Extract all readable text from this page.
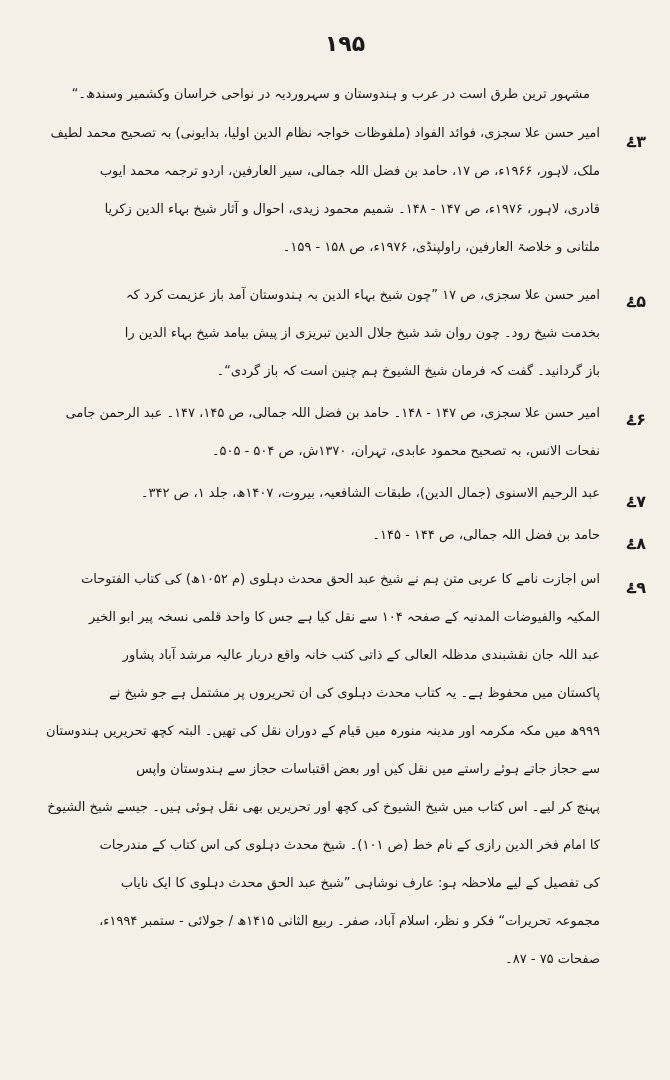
۱۹۵
مشہور ترین طرق است در عرب و ہندوستان و سہروردیہ در نواحی خراسان وکشمیر وسندھ۔“
۳ۓ
امیر حسن علا سجزی، فوائد الفواد (ملفوظات خواجہ نظام الدین اولیا، بدایونی) بہ تصحیح محمد لطیف
ملک، لاہور، ۱۹۶۶ء، ص ۱۷، حامد بن فضل اللہ جمالی، سیر العارفین، اردو ترجمہ محمد ایوب
قادری، لاہور، ۱۹۷۶ء، ص ۱۴۷ - ۱۴۸۔ شمیم محمود زیدی، احوال و آثار شیخ بہاء الدین زکریا
ملتانی و خلاصۃ العارفین، راولپنڈی، ۱۹۷۶ء، ص ۱۵۸ - ۱۵۹۔
۵ۓ
امیر حسن علا سجزی، ص ۱۷ ”چون شیخ بہاء الدین بہ ہندوستان آمد باز عزیمت کرد کہ
بخدمت شیخ رود۔ چون روان شد شیخ جلال الدین تبریزی از پیش بیامد شیخ بہاء الدین را
باز گردانید۔ گفت کہ فرمان شیخ الشیوخ ہم چنین است کہ باز گردی“۔
۶ۓ
امیر حسن علا سجزی، ص ۱۴۷ - ۱۴۸۔ حامد بن فضل اللہ جمالی، ص ۱۴۵، ۱۴۷۔ عبد الرحمن جامی
نفحات الانس، بہ تصحیح محمود عابدی، تہران، ۱۳۷۰ش، ص ۵۰۴ - ۵۰۵۔
۷ۓ
عبد الرحیم الاسنوی (جمال الدین)، طبقات الشافعیہ، بیروت، ۱۴۰۷ھ، جلد ۱، ص ۳۴۲۔
۸ۓ
حامد بن فضل اللہ جمالی، ص ۱۴۴ - ۱۴۵۔
۹ۓ
اس اجازت نامے کا عربی متن ہم نے شیخ عبد الحق محدث دہلوی (م ۱۰۵۲ھ) کی کتاب الفتوحات
المکیہ والفیوضات المدنیہ کے صفحہ ۱۰۴ سے نقل کیا ہے جس کا واحد قلمی نسخہ پیر ابو الخیر
عبد اللہ جان نقشبندی مدظلہ العالی کے ذاتی کتب خانہ واقع دربار عالیہ مرشد آباد پشاور
پاکستان میں محفوظ ہے۔ یہ کتاب محدث دہلوی کی ان تحریروں پر مشتمل ہے جو شیخ نے
۹۹۹ھ میں مکہ مکرمہ اور مدینہ منورہ میں قیام کے دوران نقل کی تھیں۔ البتہ کچھ تحریریں ہندوستان
سے حجاز جاتے ہوئے راستے میں نقل کیں اور بعض اقتباسات حجاز سے ہندوستان واپس
پہنچ کر لیے۔ اس کتاب میں شیخ الشیوخ کی کچھ اور تحریریں بھی نقل ہوئی ہیں۔ جیسے شیخ الشیوخ
کا امام فخر الدین رازی کے نام خط (ص ۱۰۱)۔ شیخ محدث دہلوی کی اس کتاب کے مندرجات
کی تفصیل کے لیے ملاحظہ ہو: عارف نوشاہی ”شیخ عبد الحق محدث دہلوی کا ایک نایاب
مجموعہ تحریرات“ فکر و نظر، اسلام آباد، صفر۔ ربیع الثانی ۱۴۱۵ھ / جولائی - ستمبر ۱۹۹۴ء،
صفحات ۷۵ - ۸۷۔
